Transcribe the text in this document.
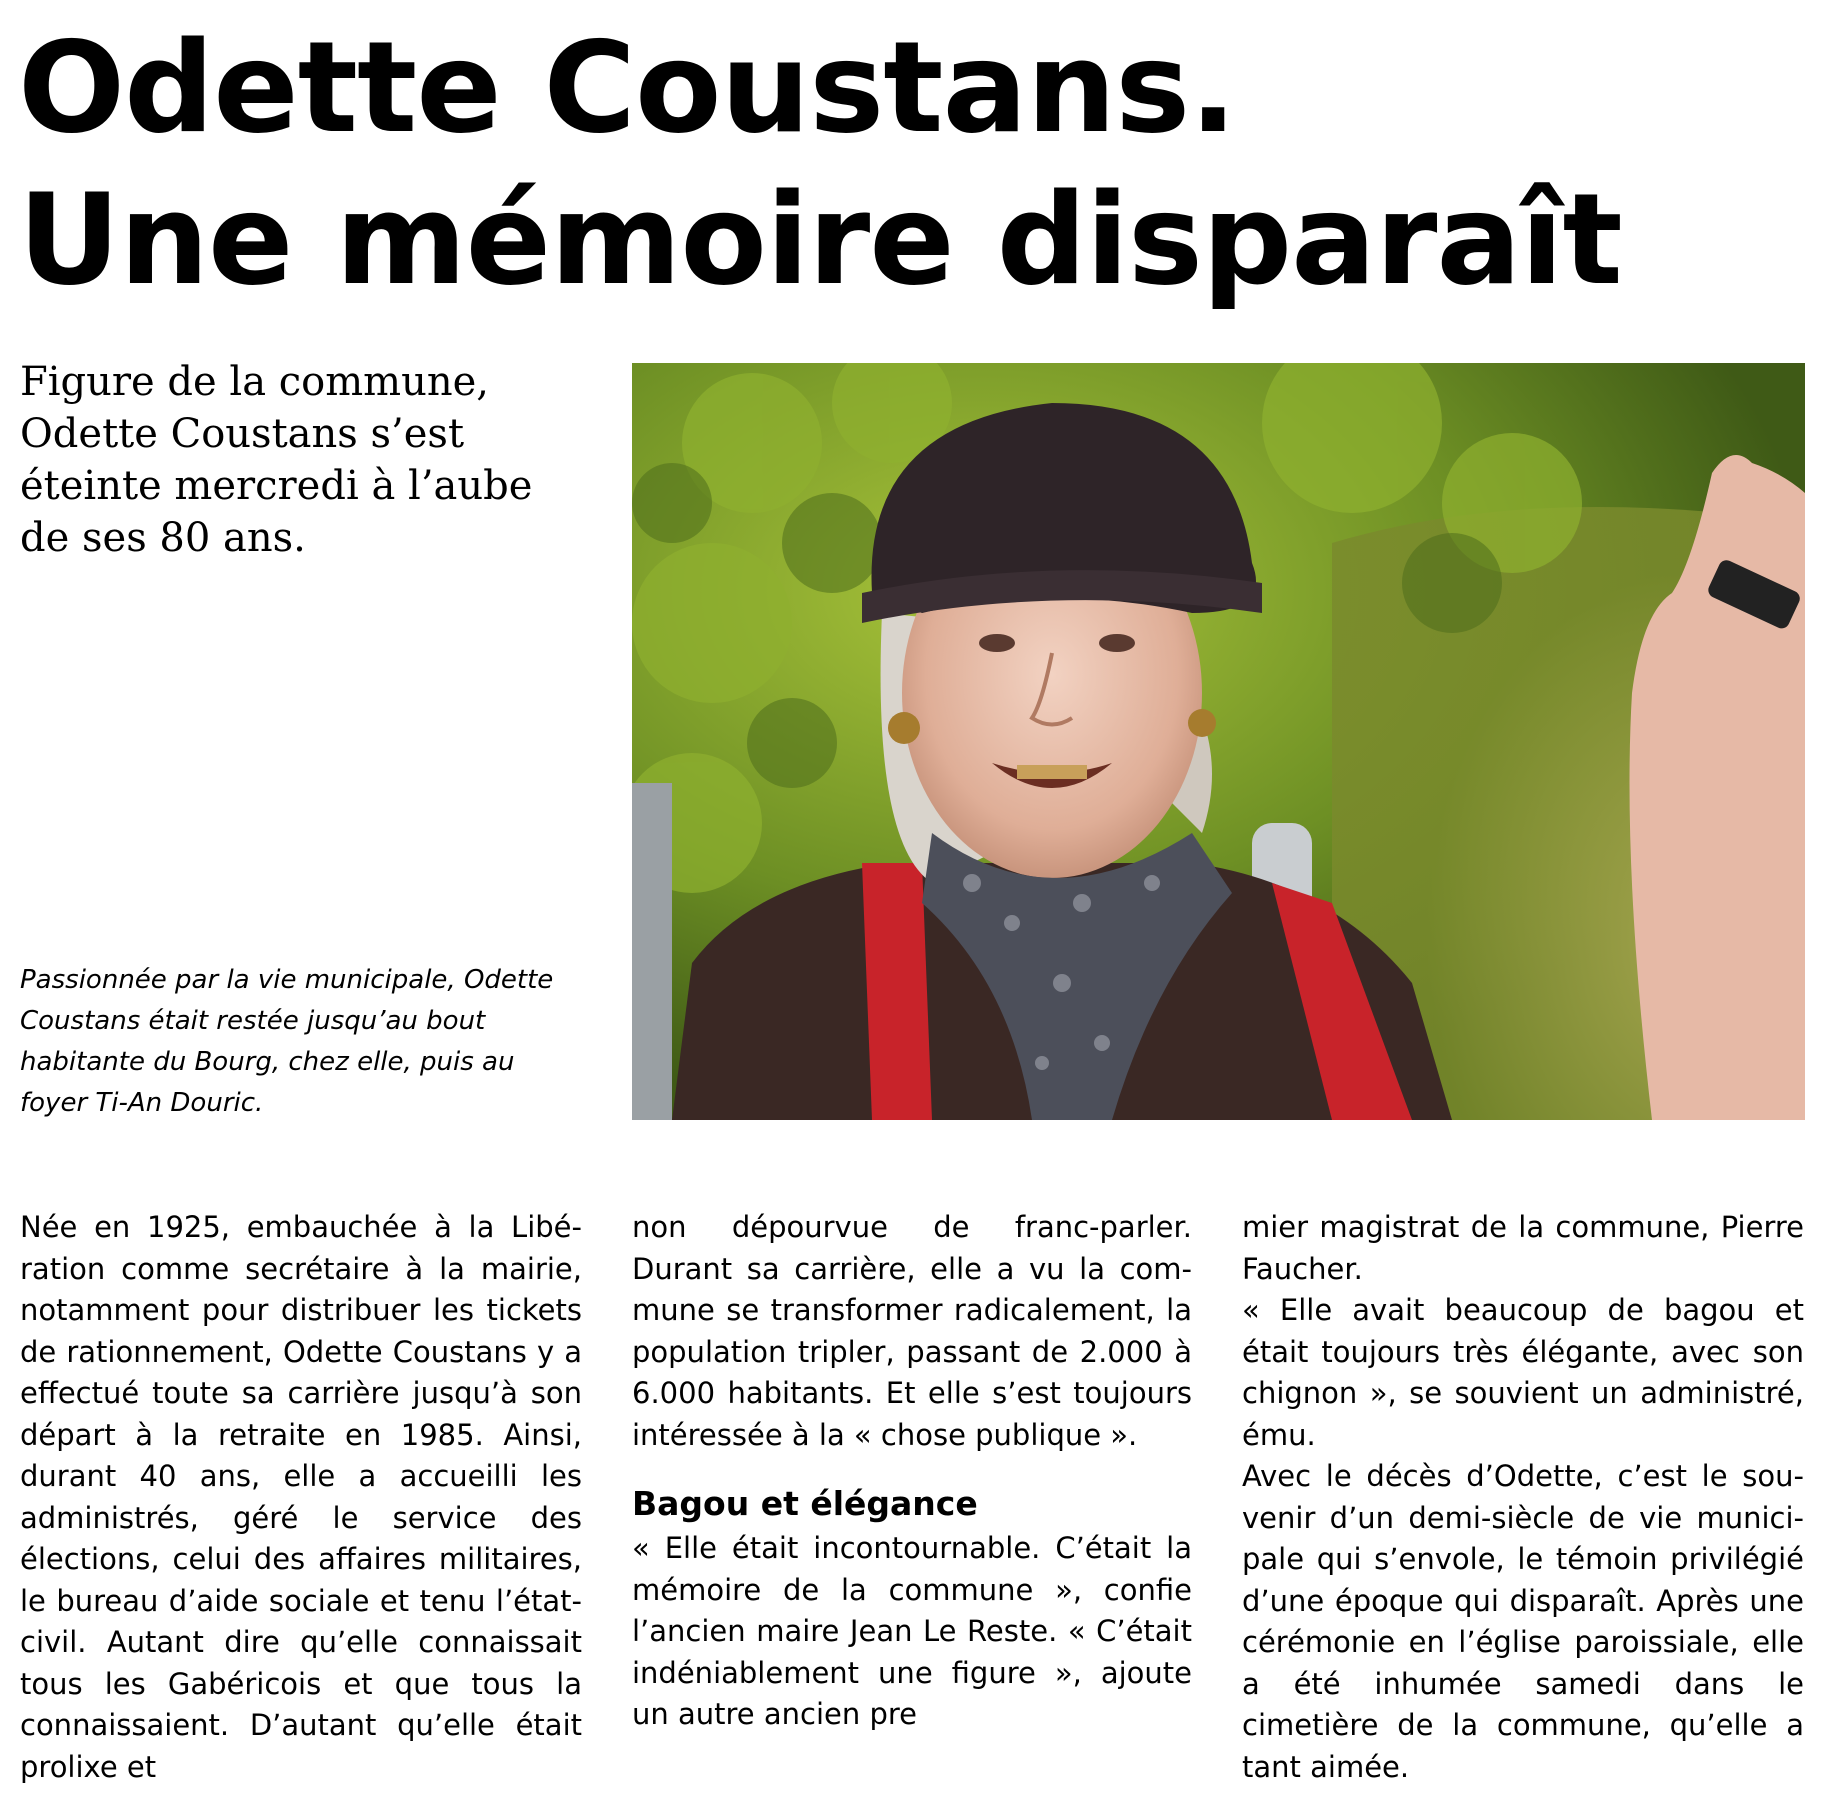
Odette Coustans.
Une mémoire disparaît

Figure de la commune, Odette Coustans s’est éteinte mercredi à l’aube de ses 80 ans.

Passionnée par la vie municipale, Odette Coustans était restée jusqu’au bout habitante du Bourg, chez elle, puis au foyer Ti-An Douric.

Née en 1925, embauchée à la Libération comme secrétaire à la mairie, notamment pour distribuer les tickets de rationnement, Odette Coustans y a effectué toute sa carrière jusqu’à son départ à la retraite en 1985. Ainsi, durant 40 ans, elle a accueilli les administrés, géré le service des élections, celui des affaires militaires, le bureau d’aide sociale et tenu l’état-civil. Autant dire qu’elle connaissait tous les Gabéricois et que tous la connaissaient. D’autant qu’elle était prolixe et

non dépourvue de franc-parler. Durant sa carrière, elle a vu la commune se transformer radicalement, la population tripler, passant de 2.000 à 6.000 habitants. Et elle s’est toujours intéressée à la « chose publique ».

Bagou et élégance

« Elle était incontournable. C’était la mémoire de la commune », confie l’ancien maire Jean Le Reste. « C’était indéniablement une figure », ajoute un autre ancien pre

mier magistrat de la commune, Pierre Faucher.

« Elle avait beaucoup de bagou et était toujours très élégante, avec son chignon », se souvient un administré, ému.

Avec le décès d’Odette, c’est le souvenir d’un demi-siècle de vie municipale qui s’envole, le témoin privilégié d’une époque qui disparaît. Après une cérémonie en l’église paroissiale, elle a été inhumée samedi dans le cimetière de la commune, qu’elle a tant aimée.
